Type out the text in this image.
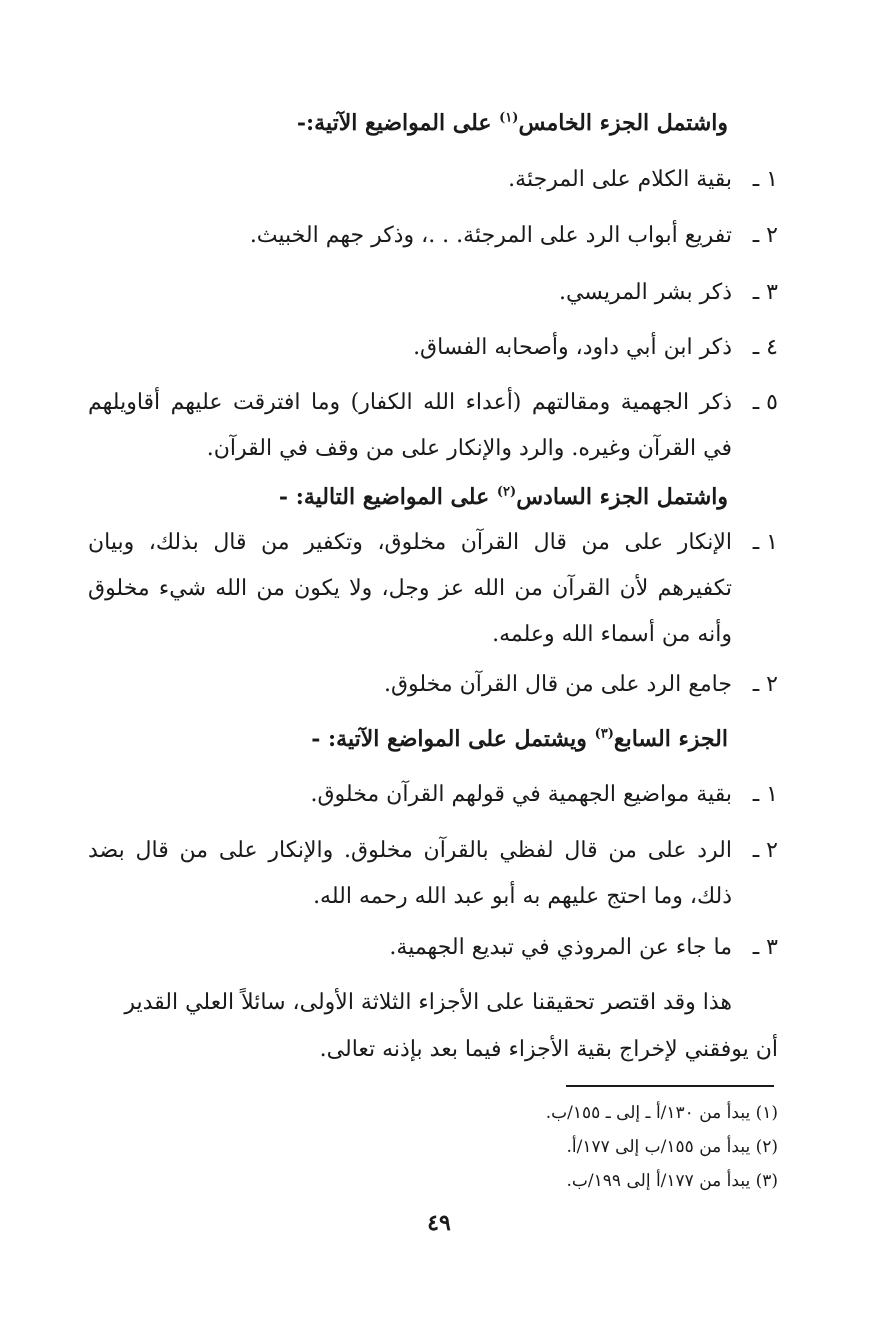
واشتمل الجزء الخامس$^{(١)}$ على المواضيع الآتية:-
١ ـ
بقية الكلام على المرجئة.
٢ ـ
تفريع أبواب الرد على المرجئة. . .، وذكر جهم الخبيث.
٣ ـ
ذكر بشر المريسي.
٤ ـ
ذكر ابن أبي داود، وأصحابه الفساق.
٥ ـ
ذكر الجهمية ومقالتهم (أعداء الله الكفار) وما افترقت عليهم أقاويلهم في القرآن وغيره. والرد والإنكار على من وقف في القرآن.
واشتمل الجزء السادس$^{(٢)}$ على المواضيع التالية: -
١ ـ
الإنكار على من قال القرآن مخلوق، وتكفير من قال بذلك، وبيان تكفيرهم لأن القرآن من الله عز وجل، ولا يكون من الله شيء مخلوق وأنه من أسماء الله وعلمه.
٢ ـ
جامع الرد على من قال القرآن مخلوق.
الجزء السابع$^{(٣)}$ ويشتمل على المواضع الآتية: -
١ ـ
بقية مواضيع الجهمية في قولهم القرآن مخلوق.
٢ ـ
الرد على من قال لفظي بالقرآن مخلوق. والإنكار على من قال بضد ذلك، وما احتج عليهم به أبو عبد الله رحمه الله.
٣ ـ
ما جاء عن المروذي في تبديع الجهمية.
هذا وقد اقتصر تحقيقنا على الأجزاء الثلاثة الأولى، سائلاً العلي القدير
أن يوفقني لإخراج بقية الأجزاء فيما بعد بإذنه تعالى.
(١) يبدأ من ١٣٠/أ ـ إلى ـ ١٥٥/ب.
(٢) يبدأ من ١٥٥/ب إلى ١٧٧/أ.
(٣) يبدأ من ١٧٧/أ إلى ١٩٩/ب.
٤٩
